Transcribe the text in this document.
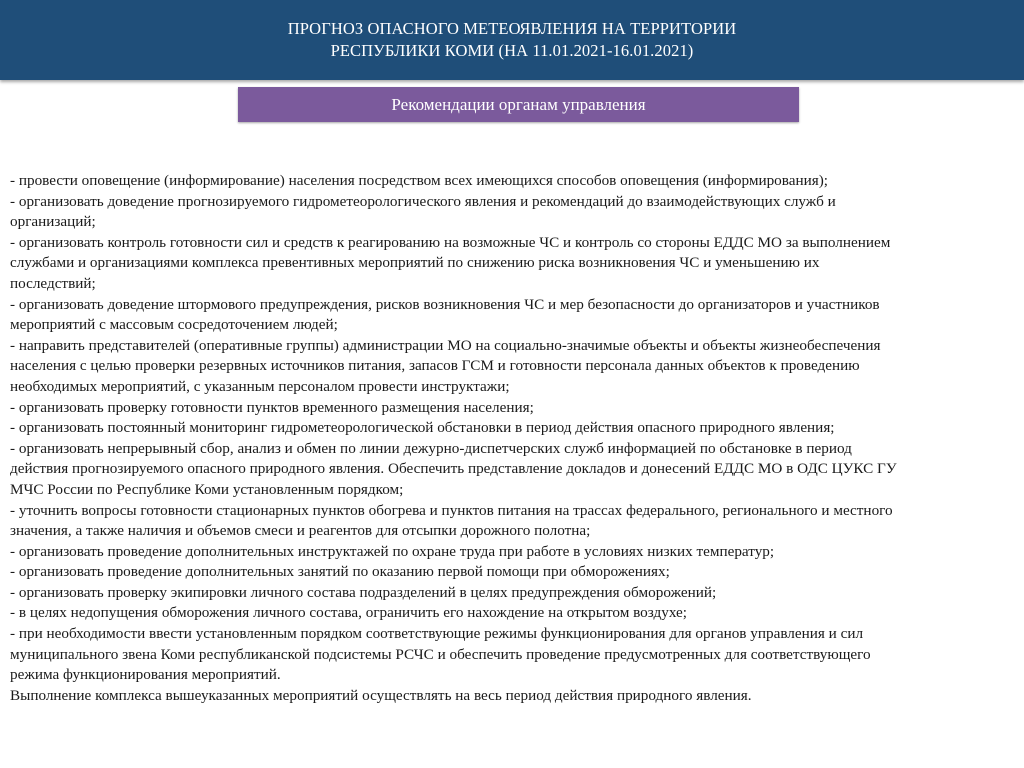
ПРОГНОЗ ОПАСНОГО МЕТЕОЯВЛЕНИЯ НА ТЕРРИТОРИИ
РЕСПУБЛИКИ КОМИ (НА 11.01.2021-16.01.2021)
Рекомендации органам управления
- провести оповещение (информирование) населения посредством всех имеющихся способов оповещения (информирования);
- организовать доведение прогнозируемого гидрометеорологического явления и рекомендаций до взаимодействующих служб и
организаций;
- организовать контроль готовности сил и средств к реагированию на возможные ЧС и контроль со стороны ЕДДС МО за выполнением
службами и организациями комплекса превентивных мероприятий по снижению риска возникновения ЧС и уменьшению их
последствий;
- организовать доведение штормового предупреждения, рисков возникновения ЧС и мер безопасности до организаторов и участников
мероприятий с массовым сосредоточением людей;
- направить представителей (оперативные группы) администрации МО на социально-значимые объекты и объекты жизнеобеспечения
населения с целью проверки резервных источников питания, запасов ГСМ и готовности персонала данных объектов к проведению
необходимых мероприятий, с указанным персоналом провести инструктажи;
- организовать проверку готовности пунктов временного размещения населения;
- организовать постоянный мониторинг гидрометеорологической обстановки в период действия опасного природного явления;
- организовать непрерывный сбор, анализ и обмен по линии дежурно-диспетчерских служб информацией по обстановке в период
действия прогнозируемого опасного природного явления. Обеспечить представление докладов и донесений ЕДДС МО в ОДС ЦУКС ГУ
МЧС России по Республике Коми установленным порядком;
- уточнить вопросы готовности стационарных пунктов обогрева и пунктов питания на трассах федерального, регионального и местного
значения, а также наличия и объемов смеси и реагентов для отсыпки дорожного полотна;
- организовать проведение дополнительных инструктажей по охране труда при работе в условиях низких температур;
- организовать проведение дополнительных занятий по оказанию первой помощи при обморожениях;
- организовать проверку экипировки личного состава подразделений в целях предупреждения обморожений;
- в целях недопущения обморожения личного состава, ограничить его нахождение на открытом воздухе;
- при необходимости ввести установленным порядком соответствующие режимы функционирования для органов управления и сил
муниципального звена Коми республиканской подсистемы РСЧС и обеспечить проведение предусмотренных для соответствующего
режима функционирования мероприятий.
Выполнение комплекса вышеуказанных мероприятий осуществлять на весь период действия природного явления.
